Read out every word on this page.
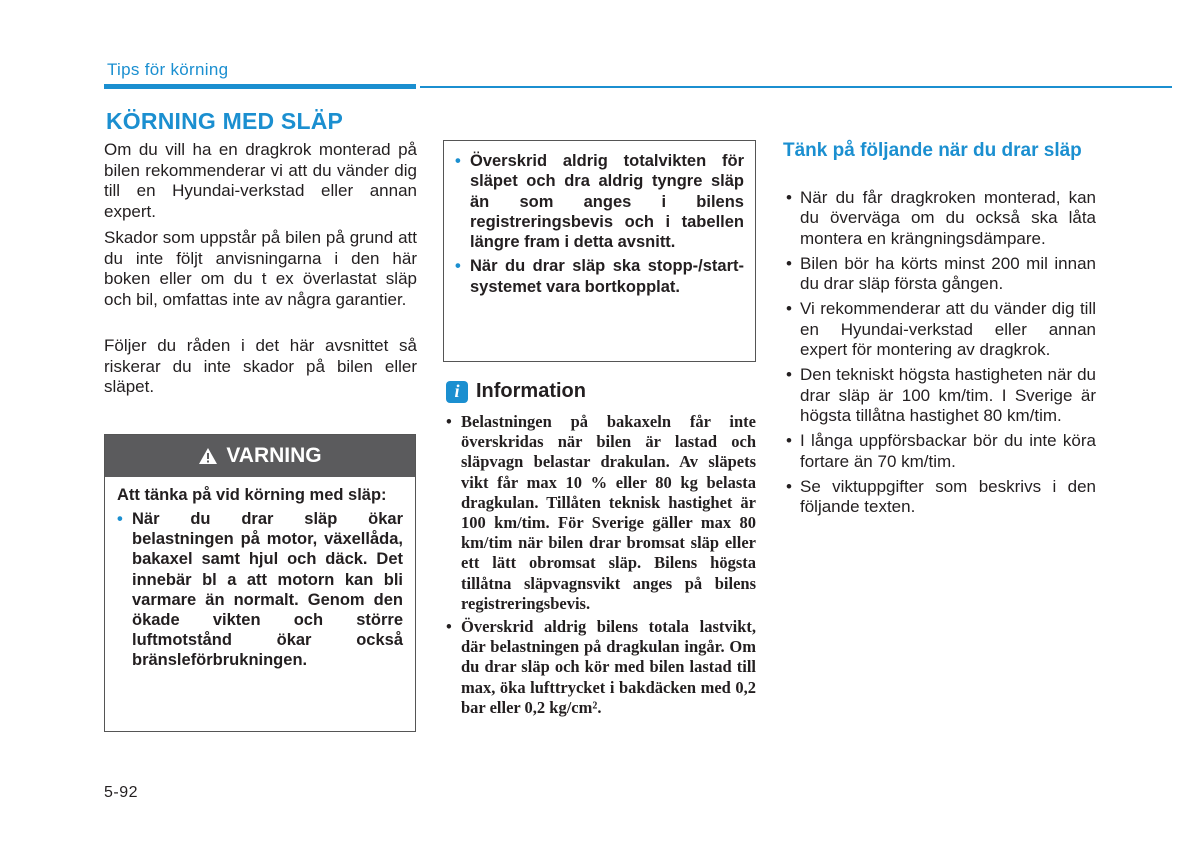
Tips för körning
KÖRNING MED SLÄP

Om du vill ha en dragkrok monterad på bilen rekommenderar vi att du vänder dig till en Hyundai-verkstad eller annan expert.

Skador som uppstår på bilen på grund att du inte följt anvisningarna i den här boken eller om du t ex överlastat släp och bil, omfattas inte av några garantier.

Följer du råden i det här avsnittet så riskerar du inte skador på bilen eller släpet.

VARNING

Att tänka på vid körning med släp:

• När du drar släp ökar belastningen på motor, växellåda, bakaxel samt hjul och däck. Det innebär bl a att motorn kan bli varmare än normalt. Genom den ökade vikten och större luftmotstånd ökar också bränsleförbrukningen.
• Överskrid aldrig totalvikten för släpet och dra aldrig tyngre släp än som anges i bilens registreringsbevis och i tabellen längre fram i detta avsnitt.
• När du drar släp ska stopp-/start-systemet vara bortkopplat.
i Information
• Belastningen på bakaxeln får inte överskridas när bilen är lastad och släpvagn belastar drakulan. Av släpets vikt får max 10 % eller 80 kg belasta dragkulan. Tillåten teknisk hastighet är 100 km/tim. För Sverige gäller max 80 km/tim när bilen drar bromsat släp eller ett lätt obromsat släp. Bilens högsta tillåtna släpvagnsvikt anges på bilens registreringsbevis.
• Överskrid aldrig bilens totala lastvikt, där belastningen på dragkulan ingår. Om du drar släp och kör med bilen lastad till max, öka lufttrycket i bakdäcken med 0,2 bar eller 0,2 kg/cm².
Tänk på följande när du drar släp
• När du får dragkroken monterad, kan du överväga om du också ska låta montera en krängningsdämpare.
• Bilen bör ha körts minst 200 mil innan du drar släp första gången.
• Vi rekommenderar att du vänder dig till en Hyundai-verkstad eller annan expert för montering av dragkrok.
• Den tekniskt högsta hastigheten när du drar släp är 100 km/tim. I Sverige är högsta tillåtna hastighet 80 km/tim.
• I långa uppförsbackar bör du inte köra fortare än 70 km/tim.
• Se viktuppgifter som beskrivs i den följande texten.
5-92
